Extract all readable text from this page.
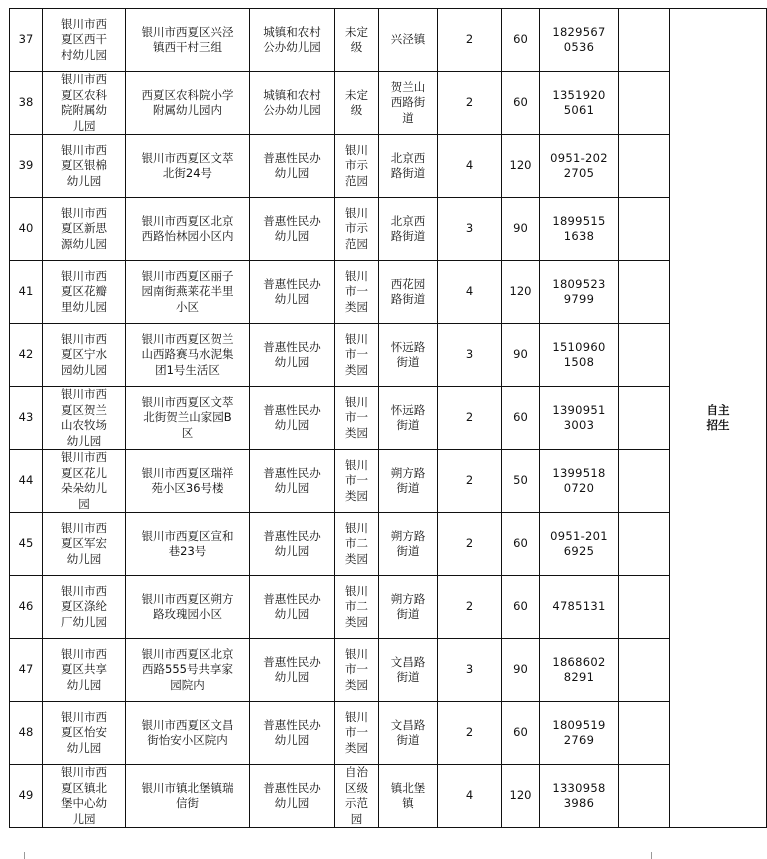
37	银川市西夏区西干村幼儿园	银川市西夏区兴泾镇西干村三组	城镇和农村公办幼儿园	未定级	兴泾镇	2	60	18295670536		自主招生

38	银川市西夏区农科院附属幼儿园	西夏区农科院小学附属幼儿园内	城镇和农村公办幼儿园	未定级	贺兰山西路街道	2	60	13519205061		

39	银川市西夏区银棉幼儿园	银川市西夏区文萃北街24号	普惠性民办幼儿园	银川市示范园	北京西路街道	4	120	0951-2022705		

40	银川市西夏区新思源幼儿园	银川市西夏区北京西路怡林园小区内	普惠性民办幼儿园	银川市示范园	北京西路街道	3	90	18995151638		

41	银川市西夏区花瓣里幼儿园	银川市西夏区丽子园南街燕莱花半里小区	普惠性民办幼儿园	银川市一类园	西花园路街道	4	120	18095239799		

42	银川市西夏区宁水园幼儿园	银川市西夏区贺兰山西路赛马水泥集团1号生活区	普惠性民办幼儿园	银川市一类园	怀远路街道	3	90	15109601508		

43	银川市西夏区贺兰山农牧场幼儿园	银川市西夏区文萃北街贺兰山家园B区	普惠性民办幼儿园	银川市一类园	怀远路街道	2	60	13909513003		

44	银川市西夏区花儿朵朵幼儿园	银川市西夏区瑞祥苑小区36号楼	普惠性民办幼儿园	银川市一类园	朔方路街道	2	50	13995180720		

45	银川市西夏区军宏幼儿园	银川市西夏区宣和巷23号	普惠性民办幼儿园	银川市二类园	朔方路街道	2	60	0951-2016925		

46	银川市西夏区涤纶厂幼儿园	银川市西夏区朔方路玫瑰园小区	普惠性民办幼儿园	银川市二类园	朔方路街道	2	60	4785131		

47	银川市西夏区共享幼儿园	银川市西夏区北京西路555号共享家园院内	普惠性民办幼儿园	银川市一类园	文昌路街道	3	90	18686028291		

48	银川市西夏区怡安幼儿园	银川市西夏区文昌街怡安小区院内	普惠性民办幼儿园	银川市一类园	文昌路街道	2	60	18095192769		

49	银川市西夏区镇北堡中心幼儿园	银川市镇北堡镇瑞信街	普惠性民办幼儿园	自治区级示范园	镇北堡镇	4	120	13309583986		
